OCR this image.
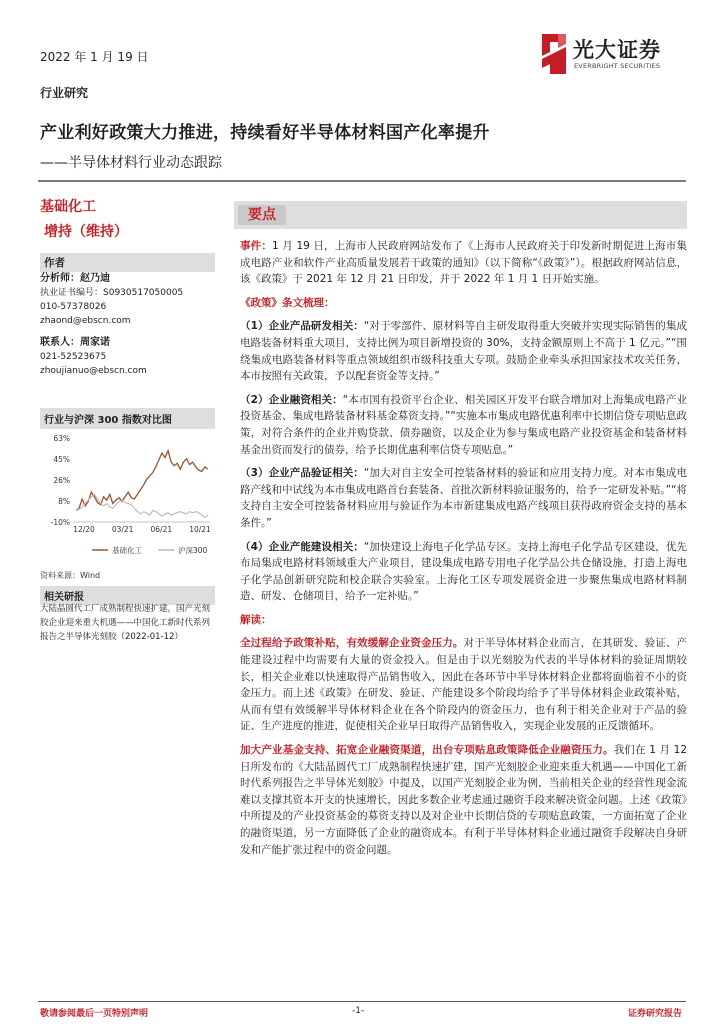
2022 年 1 月 19 日	光大证券
EVERBRIGHT SECURITIES
行业研究
产业利好政策大力推进，持续看好半导体材料国产化率提升
——半导体材料行业动态跟踪
基础化工
增持（维持）
作者
分析师：赵乃迪
执业证书编号：S0930517050005
010-57378026
zhaond@ebscn.com
联系人：周家诺
021-52523675
zhoujianuo@ebscn.com
行业与沪深 300 指数对比图
63%
45%
26%
8%
-10%
12/20 03/21 06/21 10/21
基础化工	沪深300
资料来源：Wind
相关研报
大陆晶圆代工厂成熟制程快速扩建，国产光刻胶企业迎来重大机遇——中国化工新时代系列报告之半导体光刻胶（2022-01-12）
要点

事件：1 月 19 日，上海市人民政府网站发布了《上海市人民政府关于印发新时期促进上海市集成电路产业和软件产业高质量发展若干政策的通知》（以下简称“《政策》”）。根据政府网站信息，该《政策》于 2021 年 12 月 21 日印发，并于 2022 年 1 月 1 日开始实施。

《政策》条文梳理：

（1）企业产品研发相关：“对于零部件、原材料等自主研发取得重大突破并实现实际销售的集成电路装备材料重大项目，支持比例为项目新增投资的 30%，支持金额原则上不高于 1 亿元。”“围绕集成电路装备材料等重点领域组织市级科技重大专项。鼓励企业牵头承担国家技术攻关任务，本市按照有关政策，予以配套资金等支持。”

（2）企业融资相关：“本市国有投资平台企业、相关园区开发平台联合增加对上海集成电路产业投资基金、集成电路装备材料基金募资支持。”“实施本市集成电路优惠利率中长期信贷专项贴息政策，对符合条件的企业并购贷款、债券融资，以及企业为参与集成电路产业投资基金和装备材料基金出资而发行的债券，给予长期优惠利率信贷专项贴息。”

（3）企业产品验证相关：“加大对自主安全可控装备材料的验证和应用支持力度。对本市集成电路产线和中试线为本市集成电路首台套装备、首批次新材料验证服务的，给予一定研发补贴。”“将支持自主安全可控装备材料应用与验证作为本市新建集成电路产线项目获得政府资金支持的基本条件。”

（4）企业产能建设相关：“加快建设上海电子化学品专区。支持上海电子化学品专区建设，优先布局集成电路材料领域重大产业项目，建设集成电路专用电子化学品公共仓储设施，打造上海电子化学品创新研究院和校企联合实验室。上海化工区专项发展资金进一步聚焦集成电路材料制造、研发、仓储项目，给予一定补贴。”

解读：

全过程给予政策补贴，有效缓解企业资金压力。对于半导体材料企业而言，在其研发、验证、产能建设过程中均需要有大量的资金投入。但是由于以光刻胶为代表的半导体材料的验证周期较长，相关企业难以快速取得产品销售收入，因此在各环节中半导体材料企业都将面临着不小的资金压力。而上述《政策》在研发、验证、产能建设多个阶段均给予了半导体材料企业政策补贴，从而有望有效缓解半导体材料企业在各个阶段内的资金压力，也有利于相关企业对于产品的验证、生产进度的推进，促使相关企业早日取得产品销售收入，实现企业发展的正反馈循环。

加大产业基金支持、拓宽企业融资渠道，出台专项贴息政策降低企业融资压力。我们在 1 月 12 日所发布的《大陆晶圆代工厂成熟制程快速扩建，国产光刻胶企业迎来重大机遇——中国化工新时代系列报告之半导体光刻胶》中提及，以国产光刻胶企业为例，当前相关企业的经营性现金流难以支撑其资本开支的快速增长，因此多数企业考虑通过融资手段来解决资金问题。上述《政策》中所提及的产业投资基金的募资支持以及对企业中长期信贷的专项贴息政策，一方面拓宽了企业的融资渠道，另一方面降低了企业的融资成本。有利于半导体材料企业通过融资手段解决自身研发和产能扩张过程中的资金问题。

敬请参阅最后一页特别声明	-1-	证券研究报告
